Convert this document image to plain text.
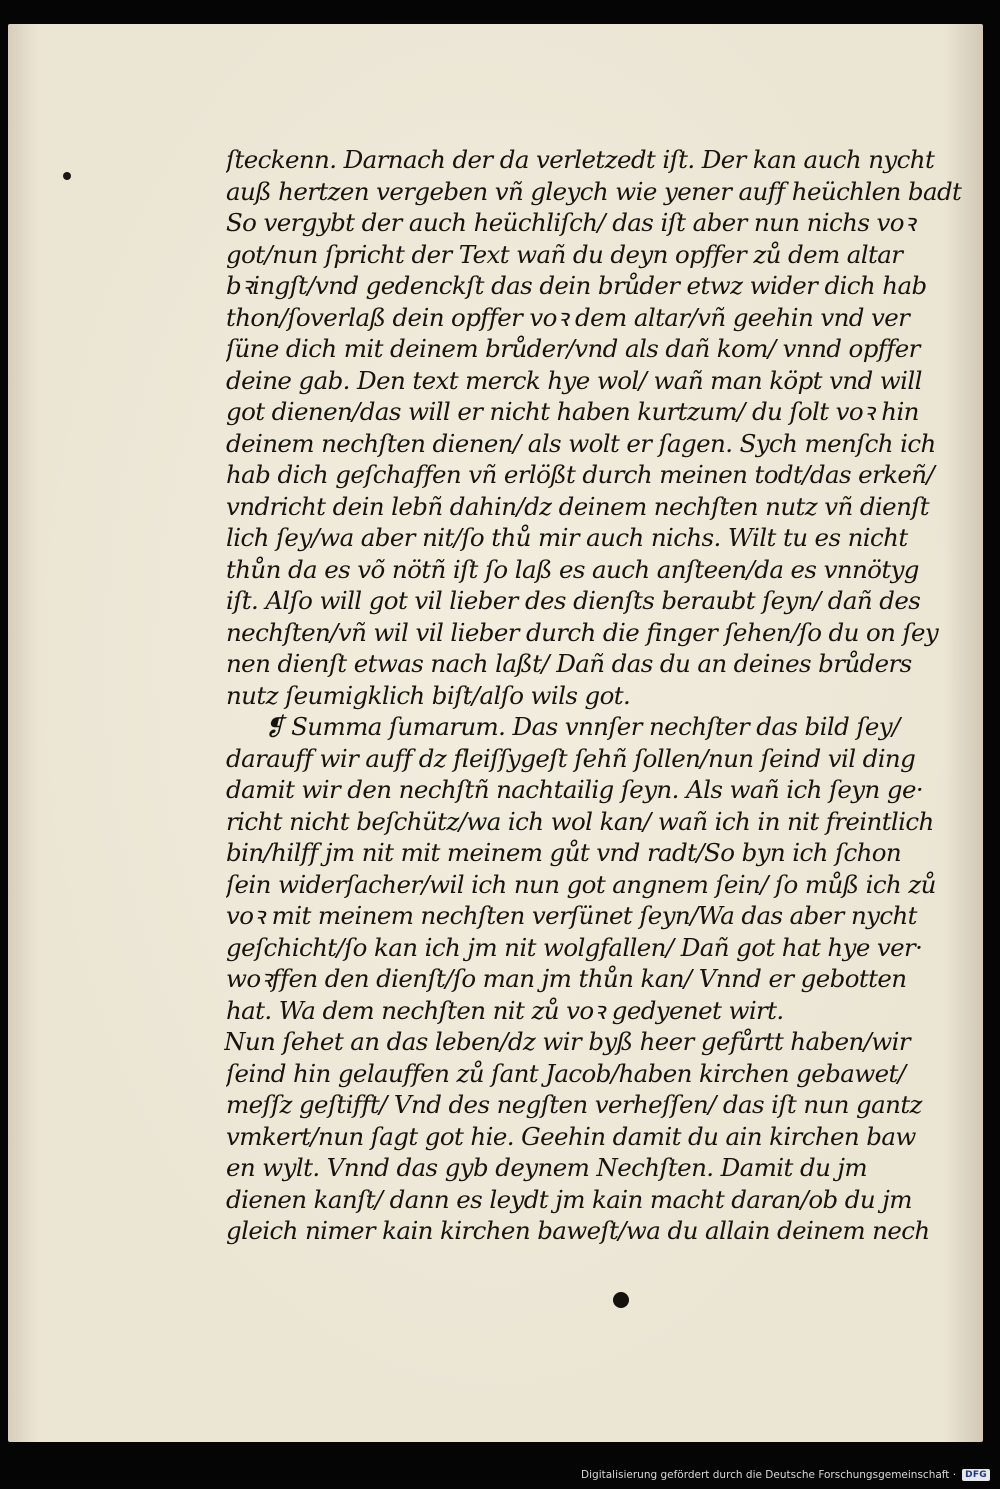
ſteckenn. Darnach der da verletzedt iſt. Der kan auch nycht
auß hertzen vergeben vñ gleych wie yener auff heüchlen badt
So vergybt der auch heüchliſch/ das iſt aber nun nichs voꝛ
got/nun ſpricht der Text wañ du deyn opffer zů dem altar
bꝛingſt/vnd gedenckſt das dein brůder etwz wider dich hab
thon/ſoverlaß dein opffer voꝛ dem altar/vñ geehin vnd ver
ſüne dich mit deinem brůder/vnd als dañ kom/ vnnd opffer
deine gab. Den text merck hye wol/ wañ man köpt vnd will
got dienen/das will er nicht haben kurtzum/ du ſolt voꝛ hin
deinem nechſten dienen/ als wolt er ſagen. Sych menſch ich
hab dich geſchaffen vñ erlößt durch meinen todt/das erkeñ/
vndricht dein lebñ dahin/dz deinem nechſten nutz vñ dienſt
lich ſey/wa aber nit/ſo thů mir auch nichs. Wilt tu es nicht
thůn da es võ nötñ iſt ſo laß es auch anſteen/da es vnnötyg
iſt. Alſo will got vil lieber des dienſts beraubt ſeyn/ dañ des
nechſten/vñ wil vil lieber durch die finger ſehen/ſo du on ſey
nen dienſt etwas nach laßt/ Dañ das du an deines brůders
nutz ſeumigklich biſt/alſo wils got.
❡ Summa ſumarum. Das vnnſer nechſter das bild ſey/
darauff wir auff dz fleiſſygeſt ſehñ ſollen/nun ſeind vil ding
damit wir den nechſtñ nachtailig ſeyn. Als wañ ich ſeyn ge·
richt nicht beſchütz/wa ich wol kan/ wañ ich in nit freintlich
bin/hilff jm nit mit meinem gůt vnd radt/So byn ich ſchon
ſein widerſacher/wil ich nun got angnem ſein/ ſo můß ich zů
voꝛ mit meinem nechſten verſünet ſeyn/Wa das aber nycht
geſchicht/ſo kan ich jm nit wolgfallen/ Dañ got hat hye ver·
woꝛffen den dienſt/ſo man jm thůn kan/ Vnnd er gebotten
hat. Wa dem nechſten nit zů voꝛ gedyenet wirt.
Nun ſehet an das leben/dz wir byß heer gefůrtt haben/wir
ſeind hin gelauffen zů ſant Jacob/haben kirchen gebawet/
meſſz geſtifft/ Vnd des negſten verheſſen/ das iſt nun gantz
vmkert/nun ſagt got hie. Geehin damit du ain kirchen baw
en wylt. Vnnd das gyb deynem Nechſten. Damit du jm
dienen kanſt/ dann es leydt jm kain macht daran/ob du jm
gleich nimer kain kirchen baweſt/wa du allain deinem nech
Digitalisierung gefördert durch die Deutsche Forschungsgemeinschaft ·	DFG
